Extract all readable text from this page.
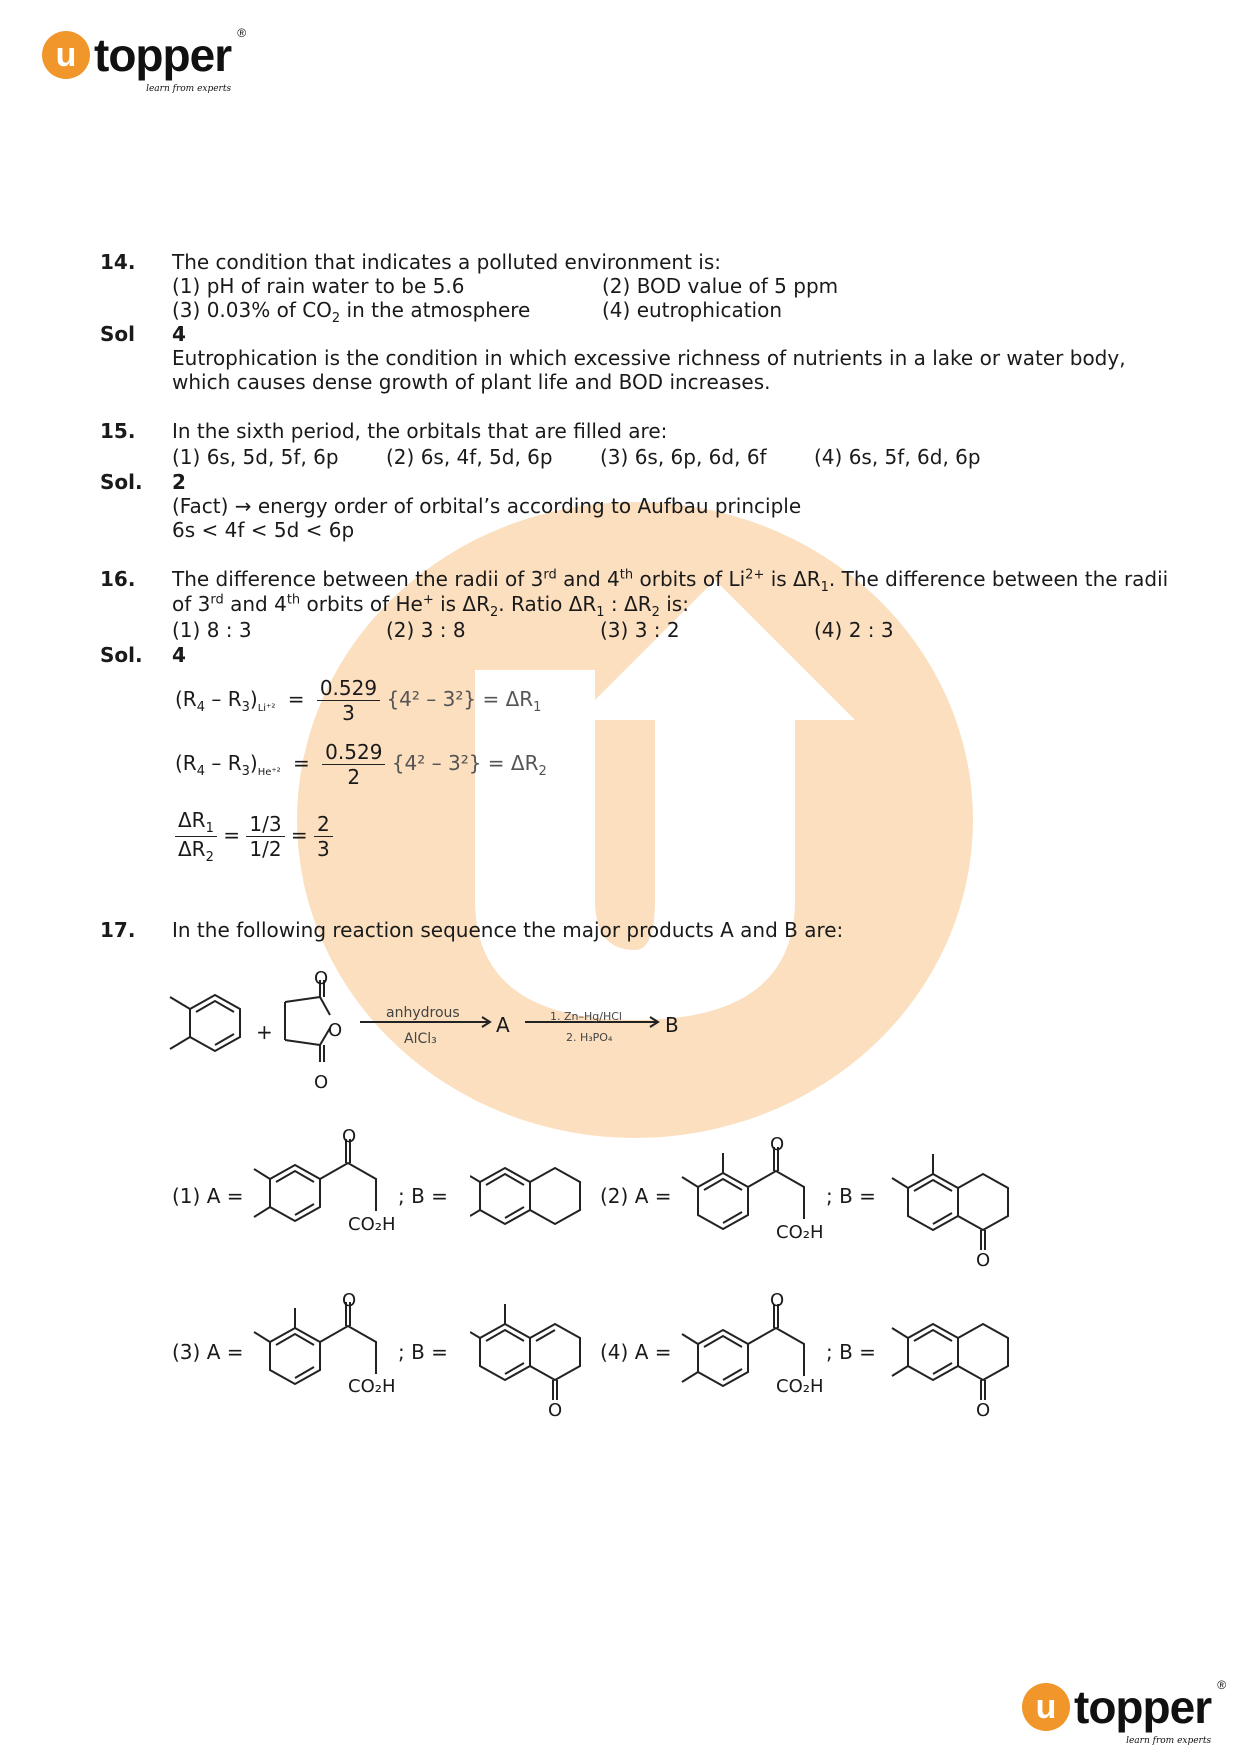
u topper ®
learn from experts
14. The condition that indicates a polluted environment is:
(1) pH of rain water to be 5.6	(2) BOD value of 5 ppm
(3) 0.03% of $CO_2$ in the atmosphere	(4) eutrophication
Sol 4
Eutrophication is the condition in which excessive richness of nutrients in a lake or water body,
which causes dense growth of plant life and BOD increases.
15. In the sixth period, the orbitals that are filled are:
(1) 6s, 5d, 5f, 6p (2) 6s, 4f, 5d, 6p (3) 6s, 6p, 6d, 6f (4) 6s, 5f, 6d, 6p
Sol. 2
(Fact) → energy order of orbital’s according to Aufbau principle
6s < 4f < 5d < 6p
16. The difference between the radii of 3rd and 4th orbits of $Li^{2+}$ is $\Delta R_1$. The difference between the radii
of 3rd and 4th orbits of He+ is $\Delta R_2$. Ratio $\Delta R_1$ : $\Delta R_2$ is:
(1) 8 : 3	(2) 3 : 8	(3) 3 : 2	(4) 2 : 3
Sol. 4
$(R_4 - R_3)_{Li^{+2}} = \frac{0.529}{3} \{4^2 - 3^2\} = \Delta R_1$
$(R_4 - R_3)_{He^{+2}} = \frac{0.529}{2} \{4^2 - 3^2\} = \Delta R_2$
$\frac{\Delta R_1}{\Delta R_2} = \frac{1/3}{1/2} = \frac{2}{3}$
17. In the following reaction sequence the major products A and B are:
+
O
O
O
anhydrous
AlCl₃
A	1. Zn–Hg/HCl
2. H₃PO₄
B
(1) A =	; B =	(2) A =	; B =
(3) A =	; B =	(4) A =	; B =
O
CO₂H
O
CO₂H
O
O
CO₂H
O
O
CO₂H
O
u topper ®
learn from experts
